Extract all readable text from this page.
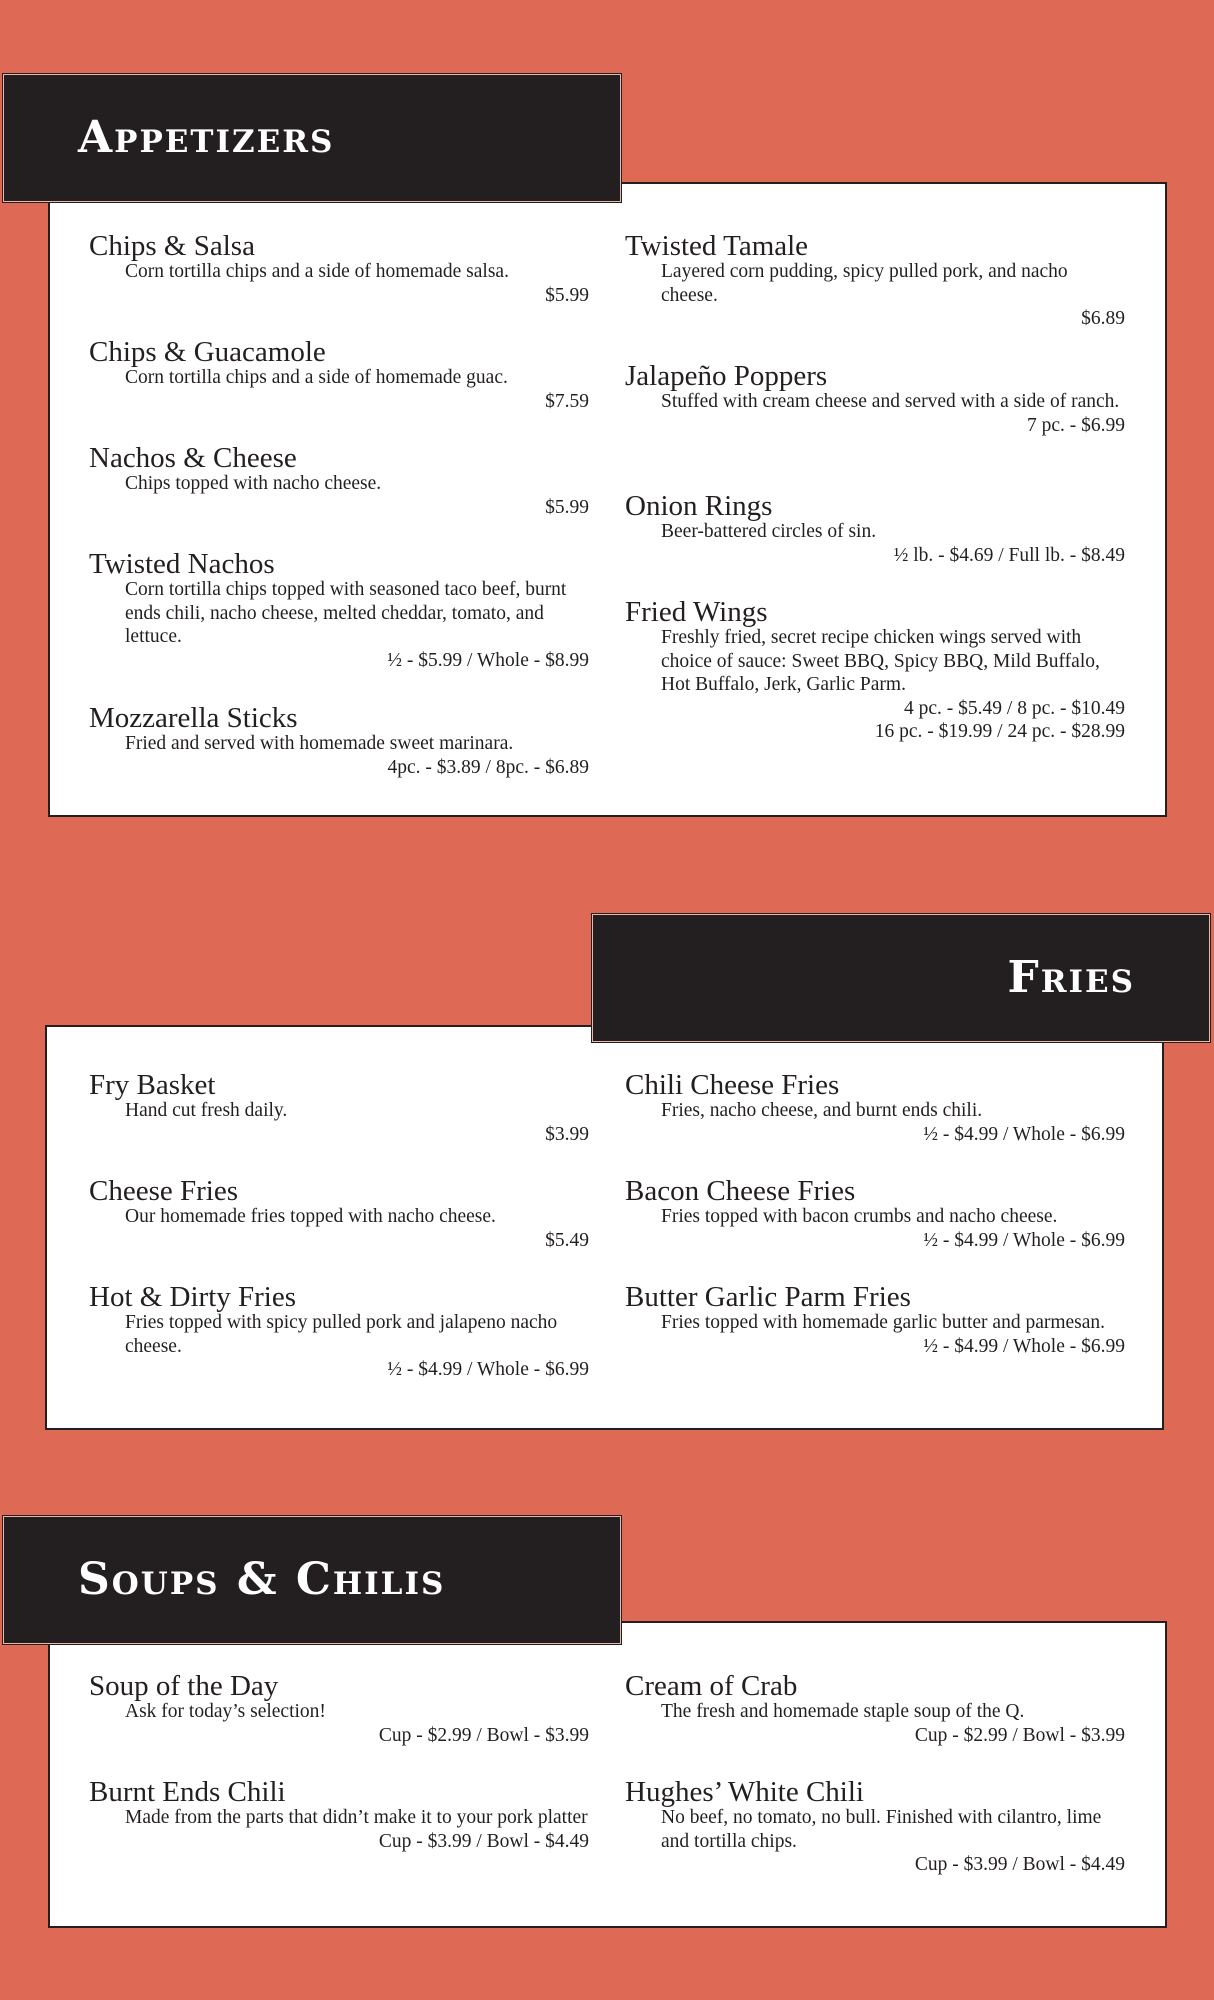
Appetizers
Chips & Salsa
Corn tortilla chips and a side of homemade salsa.
$5.99
Chips & Guacamole
Corn tortilla chips and a side of homemade guac.
$7.59
Nachos & Cheese
Chips topped with nacho cheese.
$5.99
Twisted Nachos
Corn tortilla chips topped with seasoned taco beef, burnt ends chili, nacho cheese, melted cheddar, tomato, and lettuce.
½ - $5.99 / Whole - $8.99
Mozzarella Sticks
Fried and served with homemade sweet marinara.
4pc. - $3.89 / 8pc. - $6.89
Twisted Tamale
Layered corn pudding, spicy pulled pork, and nacho cheese.
$6.89
Jalapeño Poppers
Stuffed with cream cheese and served with a side of ranch.
7 pc. - $6.99
Onion Rings
Beer-battered circles of sin.
½ lb. - $4.69 / Full lb. - $8.49
Fried Wings
Freshly fried, secret recipe chicken wings served with choice of sauce: Sweet BBQ, Spicy BBQ, Mild Buffalo, Hot Buffalo, Jerk, Garlic Parm.
4 pc. - $5.49 / 8 pc. - $10.49
16 pc. - $19.99 / 24 pc. - $28.99
Fries
Fry Basket
Hand cut fresh daily.
$3.99
Cheese Fries
Our homemade fries topped with nacho cheese.
$5.49
Hot & Dirty Fries
Fries topped with spicy pulled pork and jalapeno nacho cheese.
½ - $4.99 / Whole - $6.99
Chili Cheese Fries
Fries, nacho cheese, and burnt ends chili.
½ - $4.99 / Whole - $6.99
Bacon Cheese Fries
Fries topped with bacon crumbs and nacho cheese.
½ - $4.99 / Whole - $6.99
Butter Garlic Parm Fries
Fries topped with homemade garlic butter and parmesan.
½ - $4.99 / Whole - $6.99
Soups & Chilis
Soup of the Day
Ask for today’s selection!
Cup - $2.99 / Bowl - $3.99
Burnt Ends Chili
Made from the parts that didn’t make it to your pork platter
Cup - $3.99 / Bowl - $4.49
Cream of Crab
The fresh and homemade staple soup of the Q.
Cup - $2.99 / Bowl - $3.99
Hughes’ White Chili
No beef, no tomato, no bull. Finished with cilantro, lime and tortilla chips.
Cup - $3.99 / Bowl - $4.49
